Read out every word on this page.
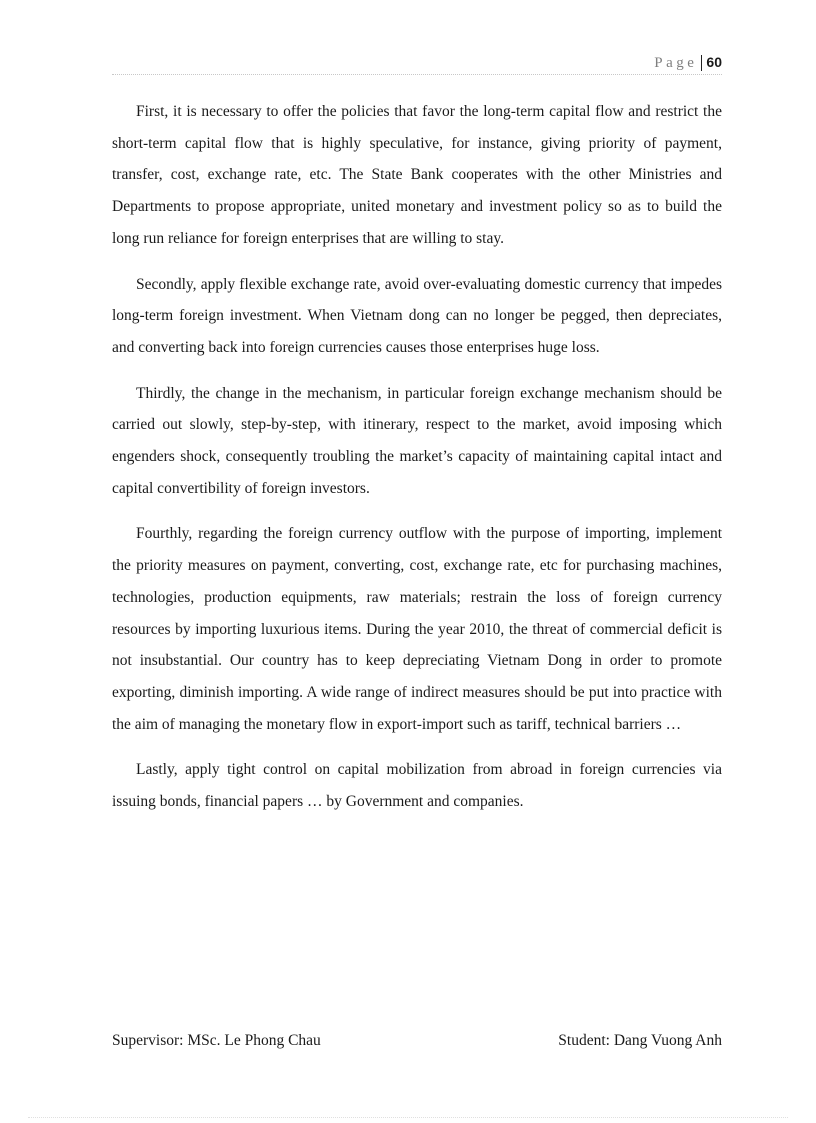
Page 60

First, it is necessary to offer the policies that favor the long-term capital flow and restrict the short-term capital flow that is highly speculative, for instance, giving priority of payment, transfer, cost, exchange rate, etc. The State Bank cooperates with the other Ministries and Departments to propose appropriate, united monetary and investment policy so as to build the long run reliance for foreign enterprises that are willing to stay.

Secondly, apply flexible exchange rate, avoid over-evaluating domestic currency that impedes long-term foreign investment. When Vietnam dong can no longer be pegged, then depreciates, and converting back into foreign currencies causes those enterprises huge loss.

Thirdly, the change in the mechanism, in particular foreign exchange mechanism should be carried out slowly, step-by-step, with itinerary, respect to the market, avoid imposing which engenders shock, consequently troubling the market’s capacity of maintaining capital intact and capital convertibility of foreign investors.

Fourthly, regarding the foreign currency outflow with the purpose of importing, implement the priority measures on payment, converting, cost, exchange rate, etc for purchasing machines, technologies, production equipments, raw materials; restrain the loss of foreign currency resources by importing luxurious items. During the year 2010, the threat of commercial deficit is not insubstantial. Our country has to keep depreciating Vietnam Dong in order to promote exporting, diminish importing. A wide range of indirect measures should be put into practice with the aim of managing the monetary flow in export-import such as tariff, technical barriers …

Lastly, apply tight control on capital mobilization from abroad in foreign currencies via issuing bonds, financial papers … by Government and companies.

Supervisor: MSc. Le Phong Chau	Student: Dang Vuong Anh
